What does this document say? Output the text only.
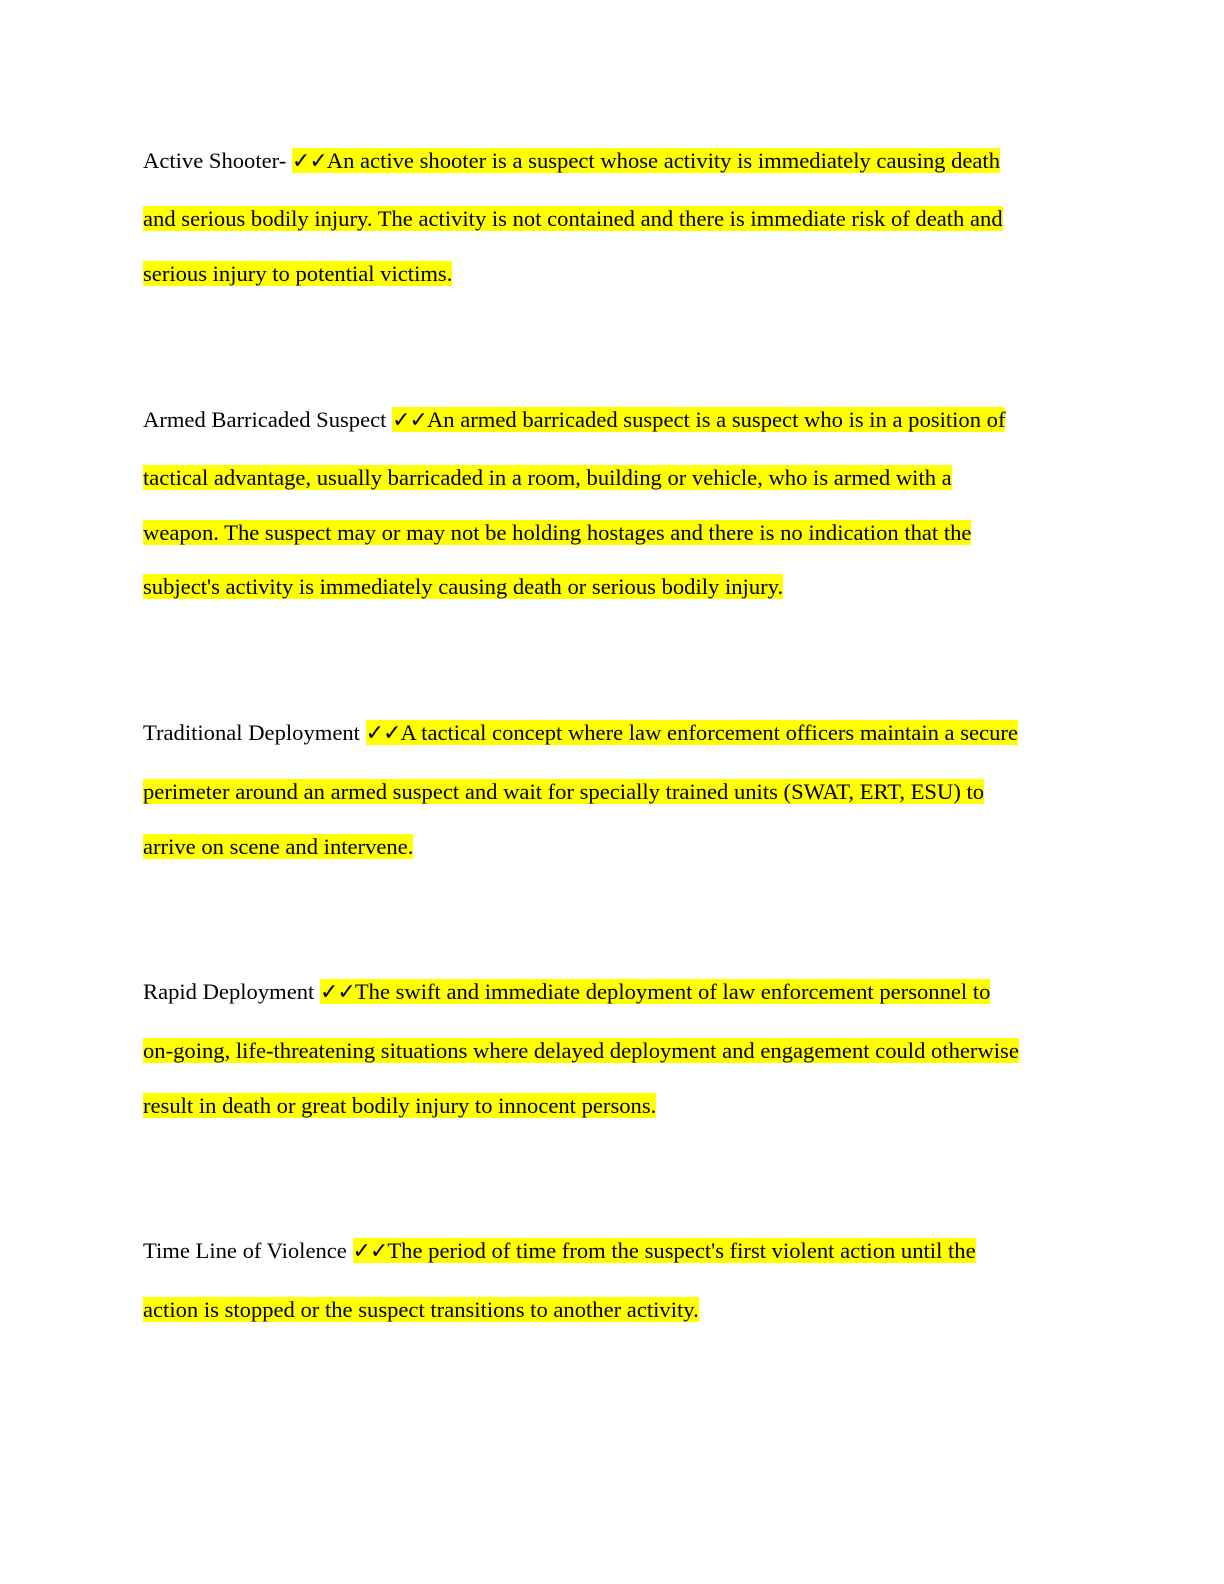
Active Shooter- ✓✓An active shooter is a suspect whose activity is immediately causing death
and serious bodily injury. The activity is not contained and there is immediate risk of death and
serious injury to potential victims.
Armed Barricaded Suspect ✓✓An armed barricaded suspect is a suspect who is in a position of
tactical advantage, usually barricaded in a room, building or vehicle, who is armed with a
weapon. The suspect may or may not be holding hostages and there is no indication that the
subject's activity is immediately causing death or serious bodily injury.
Traditional Deployment ✓✓A tactical concept where law enforcement officers maintain a secure
perimeter around an armed suspect and wait for specially trained units (SWAT, ERT, ESU) to
arrive on scene and intervene.
Rapid Deployment ✓✓The swift and immediate deployment of law enforcement personnel to
on-going, life-threatening situations where delayed deployment and engagement could otherwise
result in death or great bodily injury to innocent persons.
Time Line of Violence ✓✓The period of time from the suspect's first violent action until the
action is stopped or the suspect transitions to another activity.
